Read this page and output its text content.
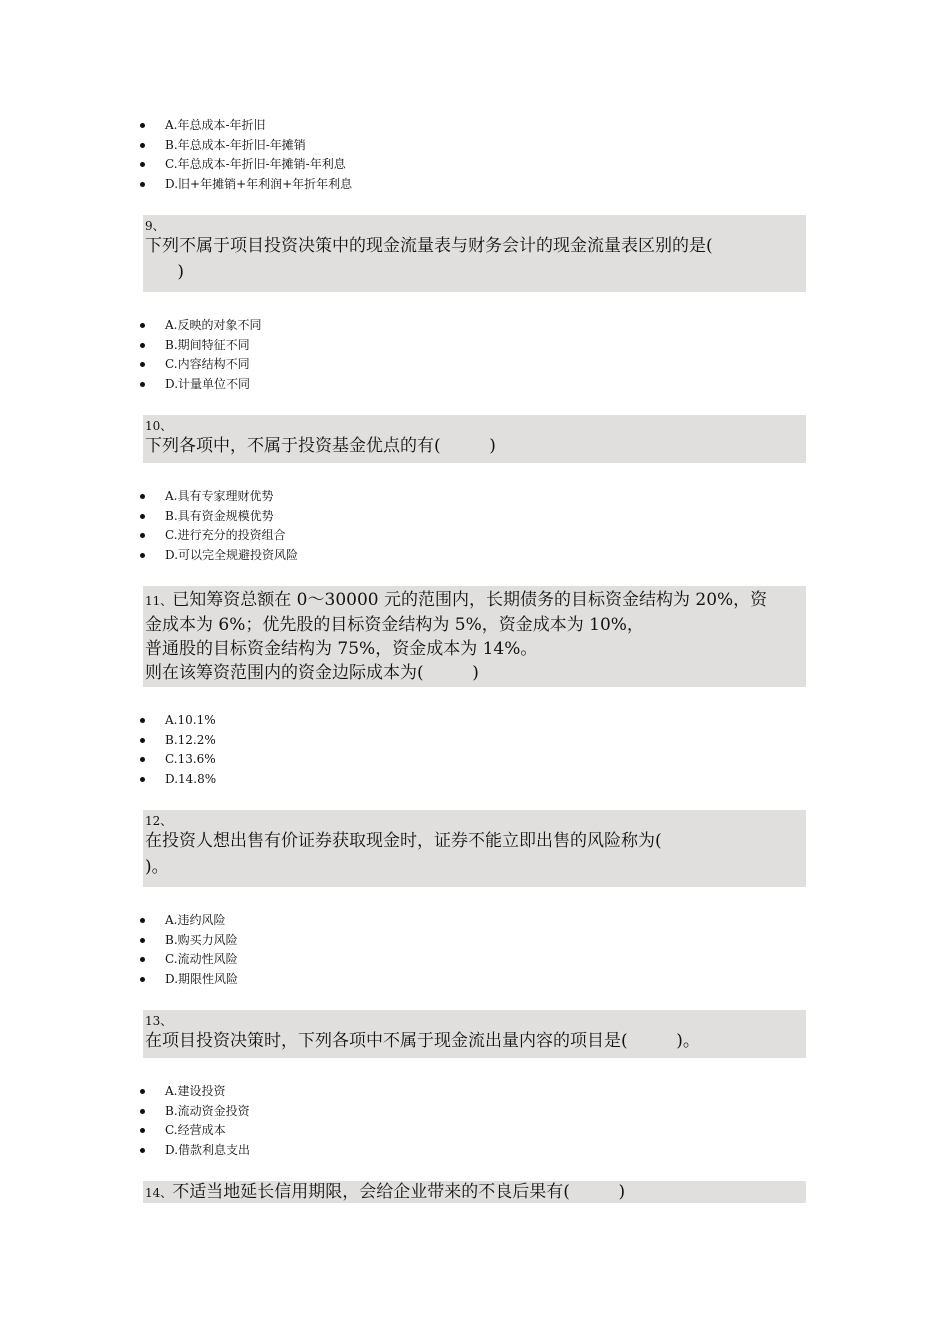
A.年总成本-年折旧
B.年总成本-年折旧-年摊销
C.年总成本-年折旧-年摊销-年利息
D.旧+年摊销+年利润+年折年利息
9、
下列不属于项目投资决策中的现金流量表与财务会计的现金流量表区别的是(
)
A.反映的对象不同
B.期间特征不同
C.内容结构不同
D.计量单位不同
10、
下列各项中，不属于投资基金优点的有(         )
A.具有专家理财优势
B.具有资金规模优势
C.进行充分的投资组合
D.可以完全规避投资风险
11、已知筹资总额在 0～30000 元的范围内，长期债务的目标资金结构为 20%，资
金成本为 6%；优先股的目标资金结构为 5%，资金成本为 10%，
普通股的目标资金结构为 75%，资金成本为 14%。
则在该筹资范围内的资金边际成本为(         )
A.10.1%
B.12.2%
C.13.6%
D.14.8%
12、
在投资人想出售有价证券获取现金时，证券不能立即出售的风险称为(
)。
A.违约风险
B.购买力风险
C.流动性风险
D.期限性风险
13、
在项目投资决策时，下列各项中不属于现金流出量内容的项目是(         )。
A.建设投资
B.流动资金投资
C.经营成本
D.借款利息支出
14、不适当地延长信用期限，会给企业带来的不良后果有(         )
